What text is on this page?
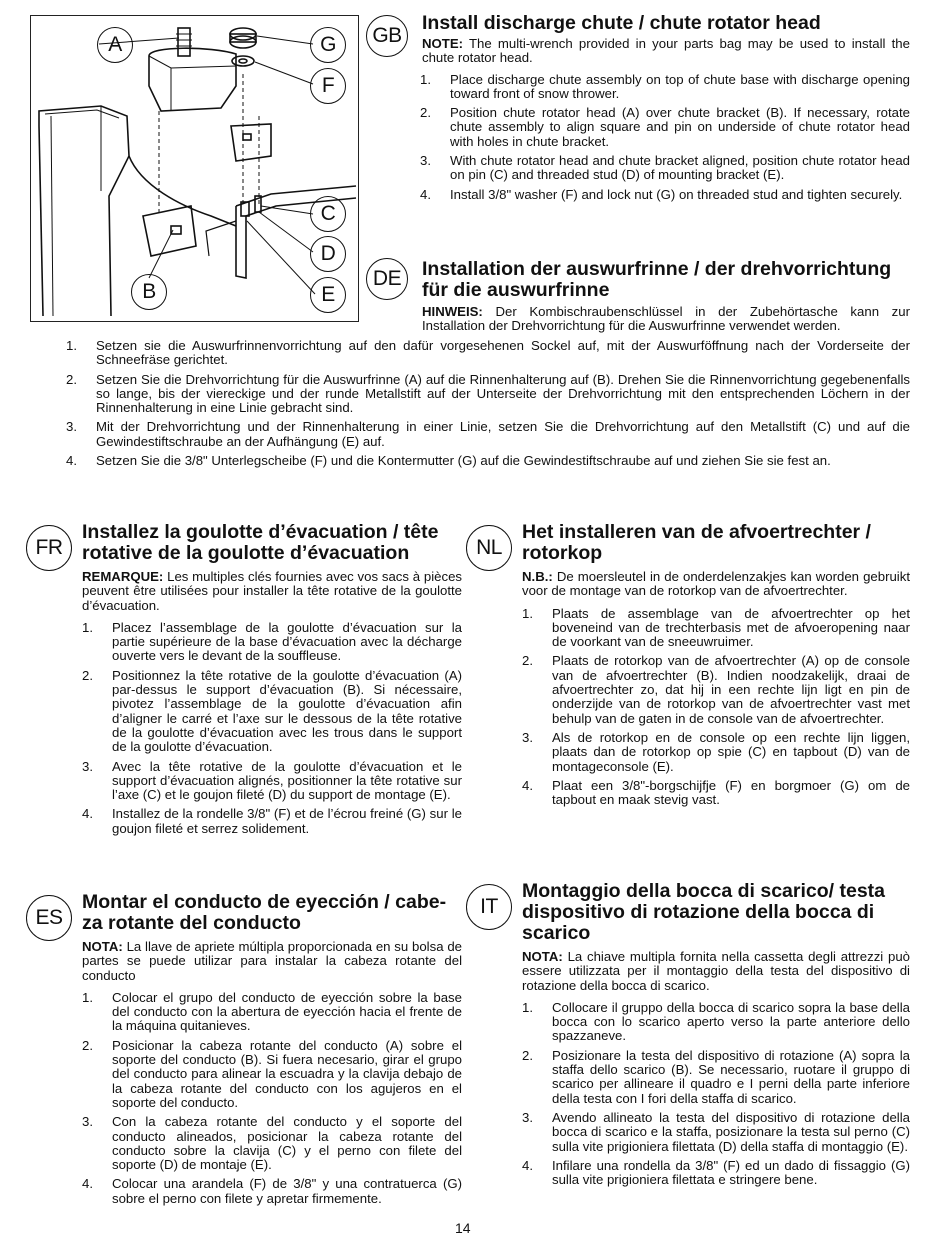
A	G
F
C
D
B	E
GB
Install discharge chute / chute rotator head
NOTE: The multi-wrench provided in your parts bag may be used to install the chute rotator head.
1. Place discharge chute assembly on top of chute base with discharge opening toward front of snow thrower.
2. Position chute rotator head (A) over chute bracket (B). If necessary, rotate chute assembly to align square and pin on underside of chute rotator head with holes in chute bracket.
3. With chute rotator head and chute bracket aligned, position chute rotator head on pin (C) and threaded stud (D) of mounting bracket (E).
4. Install 3/8" washer (F) and lock nut (G) on threaded stud and tighten securely.
DE Installation der auswurfrinne / der drehvorrichtung
für die auswurfrinne
HINWEIS: Der Kombischraubenschlüssel in der Zubehörtasche kann zur Installation der Drehvorrichtung für die Auswurfrinne verwendet werden.
1. Setzen sie die Auswurfrinnenvorrichtung auf den dafür vorgesehenen Sockel auf, mit der Auswurföffnung nach der Vorderseite der Schneefräse gerichtet.
2. Setzen Sie die Drehvorrichtung für die Auswurfrinne (A) auf die Rinnenhalterung auf (B). Drehen Sie die Rinnenvorrichtung gegebenenfalls so lange, bis der viereckige und der runde Metallstift auf der Unterseite der Drehvorrichtung mit den entsprechenden Löchern in der Rinnenhalterung in eine Linie gebracht sind.
3. Mit der Drehvorrichtung und der Rinnenhalterung in einer Linie, setzen Sie die Drehvorrichtung auf den Metallstift (C) und auf die Gewindestiftschraube an der Aufhängung (E) auf.
4. Setzen Sie die 3/8" Unterlegscheibe (F) und die Kontermutter (G) auf die Gewindestiftschraube auf und ziehen Sie sie fest an.
FR
Installez la goulotte d’évacuation / tête
rotative de la goulotte d’évacuation
REMARQUE: Les multiples clés fournies avec vos sacs à pièces peuvent être utilisées pour installer la tête rotative de la goulotte d’évacuation.
1. Placez l’assemblage de la goulotte d’évacuation sur la partie supérieure de la base d’évacuation avec la décharge ouverte vers le devant de la souffleuse.
2. Positionnez la tête rotative de la goulotte d’évacuation (A) par-dessus le support d’évacuation (B). Si nécessaire, pivotez l’assemblage de la goulotte d’évacuation afin d’aligner le carré et l’axe sur le dessous de la tête rotative de la goulotte d’évacuation avec les trous dans le support de la goulotte d’évacuation.
3. Avec la tête rotative de la goulotte d’évacuation et le support d’évacuation alignés, positionner la tête rotative sur l’axe (C) et le goujon fileté (D) du support de montage (E).
4. Installez de la rondelle 3/8" (F) et de l’écrou freiné (G) sur le goujon fileté et serrez solidement.
NL
Het installeren van de afvoertrechter /
rotorkop
N.B.: De moersleutel in de onderdelenzakjes kan worden gebruikt voor de montage van de rotorkop van de afvoertrechter.
1. Plaats de assemblage van de afvoertrechter op het boveneind van de trechterbasis met de afvoeropening naar de voorkant van de sneeuwruimer.
2. Plaats de rotorkop van de afvoertrechter (A) op de console van de afvoertrechter (B). Indien noodzakelijk, draai de afvoertrechter zo, dat hij in een rechte lijn ligt en pin de onderzijde van de rotorkop van de afvoertrechter vast met behulp van de gaten in de console van de afvoertrechter.
3. Als de rotorkop en de console op een rechte lijn liggen, plaats dan de rotorkop op spie (C) en tapbout (D) van de montageconsole (E).
4. Plaat een 3/8"-borgschijfje (F) en borgmoer (G) om de tapbout en maak stevig vast.
ES
Montar el conducto de eyección / cabe-
za rotante del conducto
NOTA: La llave de apriete múltipla proporcionada en su bolsa de partes se puede utilizar para instalar la cabeza rotante del conducto
1. Colocar el grupo del conducto de eyección sobre la base del conducto con la abertura de eyección hacia el frente de la máquina quitanieves.
2. Posicionar la cabeza rotante del conducto (A) sobre el soporte del conducto (B). Si fuera necesario, girar el grupo del conducto para alinear la escuadra y la clavija debajo de la cabeza rotante del conducto con los agujeros en el soporte del conducto.
3. Con la cabeza rotante del conducto y el soporte del conducto alineados, posicionar la cabeza rotante del conducto sobre la clavija (C) y el perno con filete del soporte (D) de montaje (E).
4. Colocar una arandela (F) de 3/8" y una contratuerca (G) sobre el perno con filete y apretar firmemente.
IT
Montaggio della bocca di scarico/ testa
dispositivo di rotazione della bocca di
scarico
NOTA: La chiave multipla fornita nella cassetta degli attrezzi può essere utilizzata per il montaggio della testa del dispositivo di rotazione della bocca di scarico.
1. Collocare il gruppo della bocca di scarico sopra la base della bocca con lo scarico aperto verso la parte anteriore dello spazzaneve.
2. Posizionare la testa del dispositivo di rotazione (A) sopra la staffa dello scarico (B). Se necessario, ruotare il gruppo di scarico per allineare il quadro e I perni della parte inferiore della testa con I fori della staffa di scarico.
3. Avendo allineato la testa del dispositivo di rotazione della bocca di scarico e la staffa, posizionare la testa sul perno (C) sulla vite prigioniera filettata (D) della staffa di montaggio (E).
4. Infilare una rondella da 3/8" (F) ed un dado di fissaggio (G) sulla vite prigioniera filettata e stringere bene.
14
